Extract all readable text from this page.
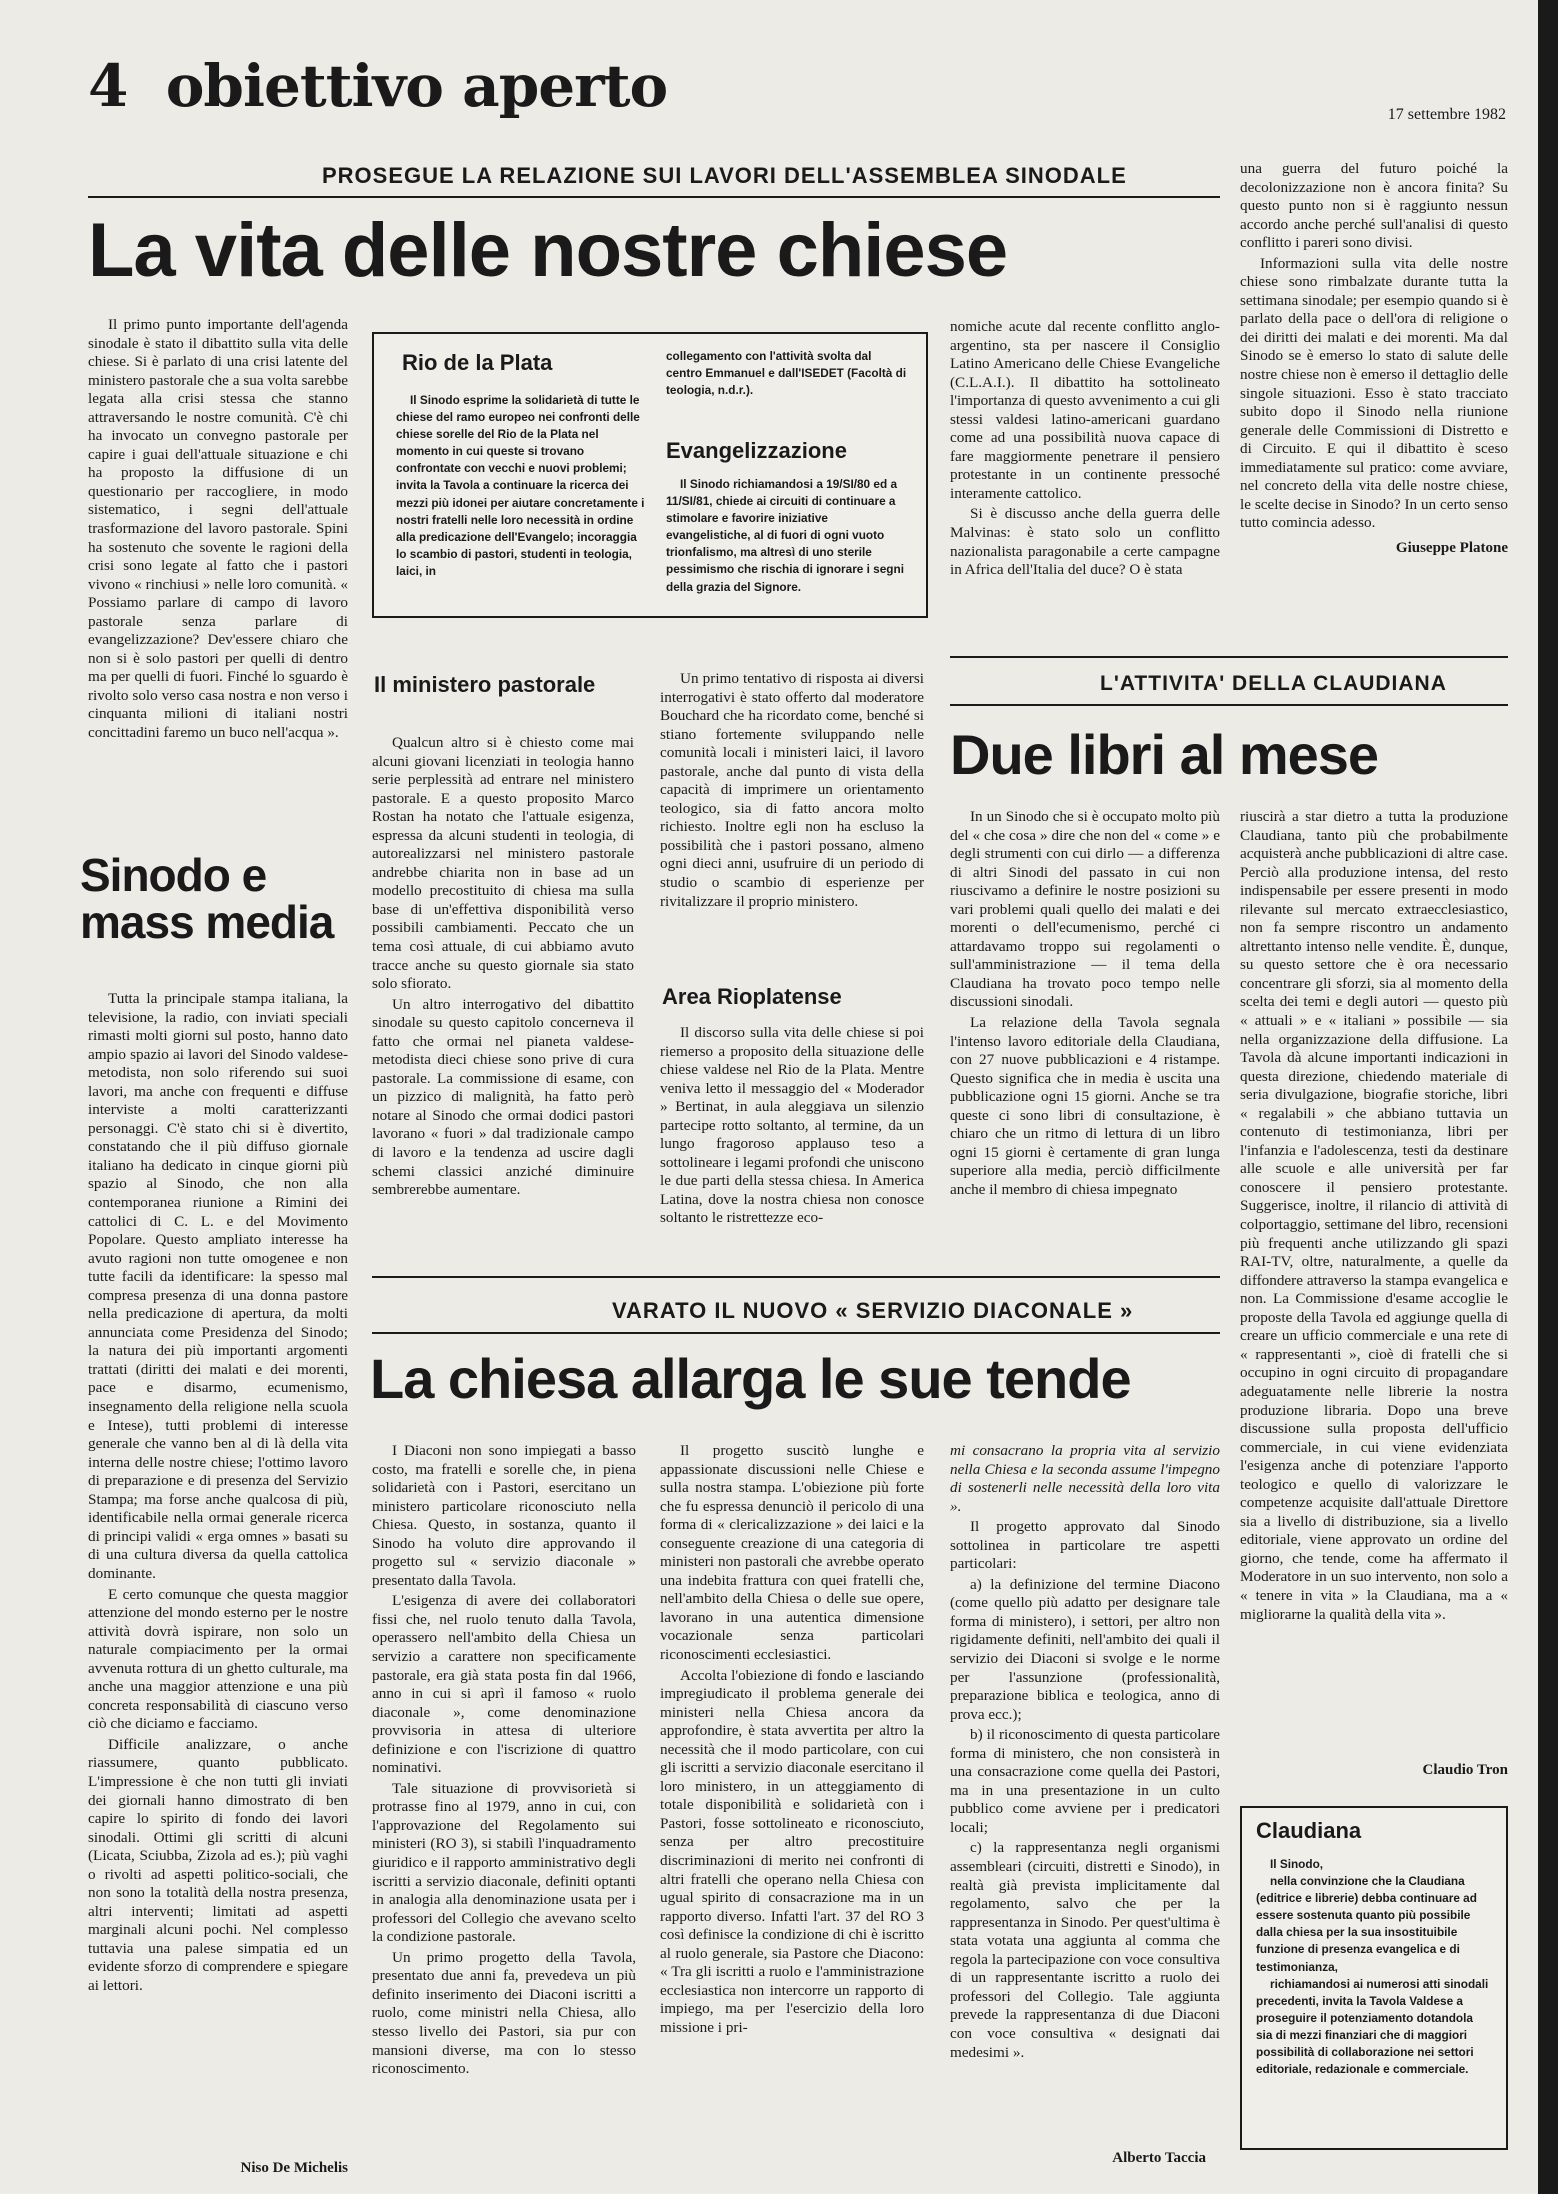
4 obiettivo aperto	17 settembre 1982

una guerra del futuro poiché la decolonizzazione non è ancora finita? Su questo punto non si è raggiunto nessun accordo anche perché sull'analisi di questo conflitto i pareri sono divisi.

Informazioni sulla vita delle nostre chiese sono rimbalzate durante tutta la settimana sinodale; per esempio quando si è parlato della pace o dell'ora di religione o dei diritti dei malati e dei morenti. Ma dal Sinodo se è emerso lo stato di salute delle nostre chiese non è emerso il dettaglio delle singole situazioni. Esso è stato tracciato subito dopo il Sinodo nella riunione generale delle Commissioni di Distretto e di Circuito. E qui il dibattito è sceso immediatamente sul pratico: come avviare, nel concreto della vita delle nostre chiese, le scelte decise in Sinodo? In un certo senso tutto comincia adesso.

Giuseppe Platone
PROSEGUE LA RELAZIONE SUI LAVORI DELL'ASSEMBLEA SINODALE
La vita delle nostre chiese

Il primo punto importante dell'agenda sinodale è stato il dibattito sulla vita delle chiese. Si è parlato di una crisi latente del ministero pastorale che a sua volta sarebbe legata alla crisi stessa che stanno attraversando le nostre comunità. C'è chi ha invocato un convegno pastorale per capire i guai dell'attuale situazione e chi ha proposto la diffusione di un questionario per raccogliere, in modo sistematico, i segni dell'attuale trasformazione del lavoro pastorale. Spini ha sostenuto che sovente le ragioni della crisi sono legate al fatto che i pastori vivono « rinchiusi » nelle loro comunità. « Possiamo parlare di campo di lavoro pastorale senza parlare di evangelizzazione? Dev'essere chiaro che non si è solo pastori per quelli di dentro ma per quelli di fuori. Finché lo sguardo è rivolto solo verso casa nostra e non verso i cinquanta milioni di italiani nostri concittadini faremo un buco nell'acqua ».

Rio de la Plata

Il Sinodo esprime la solidarietà di tutte le chiese del ramo europeo nei confronti delle chiese sorelle del Rio de la Plata nel momento in cui queste si trovano confrontate con vecchi e nuovi problemi; invita la Tavola a continuare la ricerca dei mezzi più idonei per aiutare concretamente i nostri fratelli nelle loro necessità in ordine alla predicazione dell'Evangelo; incoraggia lo scambio di pastori, studenti in teologia, laici, in

collegamento con l'attività svolta dal centro Emmanuel e dall'ISEDET (Facoltà di teologia, n.d.r.).

Evangelizzazione

Il Sinodo richiamandosi a 19/SI/80 ed a 11/SI/81, chiede ai circuiti di continuare a stimolare e favorire iniziative evangelistiche, al di fuori di ogni vuoto trionfalismo, ma altresì di uno sterile pessimismo che rischia di ignorare i segni della grazia del Signore.

nomiche acute dal recente conflitto anglo-argentino, sta per nascere il Consiglio Latino Americano delle Chiese Evangeliche (C.L.A.I.). Il dibattito ha sottolineato l'importanza di questo avvenimento a cui gli stessi valdesi latino-americani guardano come ad una possibilità nuova capace di fare maggiormente penetrare il pensiero protestante in un continente pressoché interamente cattolico.

Si è discusso anche della guerra delle Malvinas: è stato solo un conflitto nazionalista paragonabile a certe campagne in Africa dell'Italia del duce? O è stata

Il ministero pastorale

Qualcun altro si è chiesto come mai alcuni giovani licenziati in teologia hanno serie perplessità ad entrare nel ministero pastorale. E a questo proposito Marco Rostan ha notato che l'attuale esigenza, espressa da alcuni studenti in teologia, di autorealizzarsi nel ministero pastorale andrebbe chiarita non in base ad un modello precostituito di chiesa ma sulla base di un'effettiva disponibilità verso possibili cambiamenti. Peccato che un tema così attuale, di cui abbiamo avuto tracce anche su questo giornale sia stato solo sfiorato.

Un altro interrogativo del dibattito sinodale su questo capitolo concerneva il fatto che ormai nel pianeta valdese-metodista dieci chiese sono prive di cura pastorale. La commissione di esame, con un pizzico di malignità, ha fatto però notare al Sinodo che ormai dodici pastori lavorano « fuori » dal tradizionale campo di lavoro e la tendenza ad uscire dagli schemi classici anziché diminuire sembrerebbe aumentare.

Un primo tentativo di risposta ai diversi interrogativi è stato offerto dal moderatore Bouchard che ha ricordato come, benché si stiano fortemente sviluppando nelle comunità locali i ministeri laici, il lavoro pastorale, anche dal punto di vista della capacità di imprimere un orientamento teologico, sia di fatto ancora molto richiesto. Inoltre egli non ha escluso la possibilità che i pastori possano, almeno ogni dieci anni, usufruire di un periodo di studio o scambio di esperienze per rivitalizzare il proprio ministero.

Area Rioplatense

Il discorso sulla vita delle chiese si poi riemerso a proposito della situazione delle chiese valdese nel Rio de la Plata. Mentre veniva letto il messaggio del « Moderador » Bertinat, in aula aleggiava un silenzio partecipe rotto soltanto, al termine, da un lungo fragoroso applauso teso a sottolineare i legami profondi che uniscono le due parti della stessa chiesa. In America Latina, dove la nostra chiesa non conosce soltanto le ristrettezze eco-

Sinodo e mass media

Tutta la principale stampa italiana, la televisione, la radio, con inviati speciali rimasti molti giorni sul posto, hanno dato ampio spazio ai lavori del Sinodo valdese-metodista, non solo riferendo sui suoi lavori, ma anche con frequenti e diffuse interviste a molti caratterizzanti personaggi. C'è stato chi si è divertito, constatando che il più diffuso giornale italiano ha dedicato in cinque giorni più spazio al Sinodo, che non alla contemporanea riunione a Rimini dei cattolici di C. L. e del Movimento Popolare. Questo ampliato interesse ha avuto ragioni non tutte omogenee e non tutte facili da identificare: la spesso mal compresa presenza di una donna pastore nella predicazione di apertura, da molti annunciata come Presidenza del Sinodo; la natura dei più importanti argomenti trattati (diritti dei malati e dei morenti, pace e disarmo, ecumenismo, insegnamento della religione nella scuola e Intese), tutti problemi di interesse generale che vanno ben al di là della vita interna delle nostre chiese; l'ottimo lavoro di preparazione e di presenza del Servizio Stampa; ma forse anche qualcosa di più, identificabile nella ormai generale ricerca di principi validi « erga omnes » basati su di una cultura diversa da quella cattolica dominante.

E certo comunque che questa maggior attenzione del mondo esterno per le nostre attività dovrà ispirare, non solo un naturale compiacimento per la ormai avvenuta rottura di un ghetto culturale, ma anche una maggior attenzione e una più concreta responsabilità di ciascuno verso ciò che diciamo e facciamo.

Difficile analizzare, o anche riassumere, quanto pubblicato. L'impressione è che non tutti gli inviati dei giornali hanno dimostrato di ben capire lo spirito di fondo dei lavori sinodali. Ottimi gli scritti di alcuni (Licata, Sciubba, Zizola ad es.); più vaghi o rivolti ad aspetti politico-sociali, che non sono la totalità della nostra presenza, altri interventi; limitati ad aspetti marginali alcuni pochi. Nel complesso tuttavia una palese simpatia ed un evidente sforzo di comprendere e spiegare ai lettori.

Niso De Michelis
L'ATTIVITA' DELLA CLAUDIANA
Due libri al mese

In un Sinodo che si è occupato molto più del « che cosa » dire che non del « come » e degli strumenti con cui dirlo — a differenza di altri Sinodi del passato in cui non riuscivamo a definire le nostre posizioni su vari problemi quali quello dei malati e dei morenti o dell'ecumenismo, perché ci attardavamo troppo sui regolamenti o sull'amministrazione — il tema della Claudiana ha trovato poco tempo nelle discussioni sinodali.

La relazione della Tavola segnala l'intenso lavoro editoriale della Claudiana, con 27 nuove pubblicazioni e 4 ristampe. Questo significa che in media è uscita una pubblicazione ogni 15 giorni. Anche se tra queste ci sono libri di consultazione, è chiaro che un ritmo di lettura di un libro ogni 15 giorni è certamente di gran lunga superiore alla media, perciò difficilmente anche il membro di chiesa impegnato

riuscirà a star dietro a tutta la produzione Claudiana, tanto più che probabilmente acquisterà anche pubblicazioni di altre case. Perciò alla produzione intensa, del resto indispensabile per essere presenti in modo rilevante sul mercato extraecclesiastico, non fa sempre riscontro un andamento altrettanto intenso nelle vendite. È, dunque, su questo settore che è ora necessario concentrare gli sforzi, sia al momento della scelta dei temi e degli autori — questo più « attuali » e « italiani » possibile — sia nella organizzazione della diffusione. La Tavola dà alcune importanti indicazioni in questa direzione, chiedendo materiale di seria divulgazione, biografie storiche, libri « regalabili » che abbiano tuttavia un contenuto di testimonianza, libri per l'infanzia e l'adolescenza, testi da destinare alle scuole e alle università per far conoscere il pensiero protestante. Suggerisce, inoltre, il rilancio di attività di colportaggio, settimane del libro, recensioni più frequenti anche utilizzando gli spazi RAI-TV, oltre, naturalmente, a quelle da diffondere attraverso la stampa evangelica e non. La Commissione d'esame accoglie le proposte della Tavola ed aggiunge quella di creare un ufficio commerciale e una rete di « rappresentanti », cioè di fratelli che si occupino in ogni circuito di propagandare adeguatamente nelle librerie la nostra produzione libraria. Dopo una breve discussione sulla proposta dell'ufficio commerciale, in cui viene evidenziata l'esigenza anche di potenziare l'apporto teologico e quello di valorizzare le competenze acquisite dall'attuale Direttore sia a livello di distribuzione, sia a livello editoriale, viene approvato un ordine del giorno, che tende, come ha affermato il Moderatore in un suo intervento, non solo a « tenere in vita » la Claudiana, ma a « migliorarne la qualità della vita ».

Claudio Tron
Claudiana

Il Sinodo,

nella convinzione che la Claudiana (editrice e librerie) debba continuare ad essere sostenuta quanto più possibile dalla chiesa per la sua insostituibile funzione di presenza evangelica e di testimonianza,

richiamandosi ai numerosi atti sinodali precedenti, invita la Tavola Valdese a proseguire il potenziamento dotandola sia di mezzi finanziari che di maggiori possibilità di collaborazione nei settori editoriale, redazionale e commerciale.

VARATO IL NUOVO « SERVIZIO DIACONALE »
La chiesa allarga le sue tende

I Diaconi non sono impiegati a basso costo, ma fratelli e sorelle che, in piena solidarietà con i Pastori, esercitano un ministero particolare riconosciuto nella Chiesa. Questo, in sostanza, quanto il Sinodo ha voluto dire approvando il progetto sul « servizio diaconale » presentato dalla Tavola.

L'esigenza di avere dei collaboratori fissi che, nel ruolo tenuto dalla Tavola, operassero nell'ambito della Chiesa un servizio a carattere non specificamente pastorale, era già stata posta fin dal 1966, anno in cui si aprì il famoso « ruolo diaconale », come denominazione provvisoria in attesa di ulteriore definizione e con l'iscrizione di quattro nominativi.

Tale situazione di provvisorietà si protrasse fino al 1979, anno in cui, con l'approvazione del Regolamento sui ministeri (RO 3), si stabilì l'inquadramento giuridico e il rapporto amministrativo degli iscritti a servizio diaconale, definiti optanti in analogia alla denominazione usata per i professori del Collegio che avevano scelto la condizione pastorale.

Un primo progetto della Tavola, presentato due anni fa, prevedeva un più definito inserimento dei Diaconi iscritti a ruolo, come ministri nella Chiesa, allo stesso livello dei Pastori, sia pur con mansioni diverse, ma con lo stesso riconoscimento.

Il progetto suscitò lunghe e appassionate discussioni nelle Chiese e sulla nostra stampa. L'obiezione più forte che fu espressa denunciò il pericolo di una forma di « clericalizzazione » dei laici e la conseguente creazione di una categoria di ministeri non pastorali che avrebbe operato una indebita frattura con quei fratelli che, nell'ambito della Chiesa o delle sue opere, lavorano in una autentica dimensione vocazionale senza particolari riconoscimenti ecclesiastici.

Accolta l'obiezione di fondo e lasciando impregiudicato il problema generale dei ministeri nella Chiesa ancora da approfondire, è stata avvertita per altro la necessità che il modo particolare, con cui gli iscritti a servizio diaconale esercitano il loro ministero, in un atteggiamento di totale disponibilità e solidarietà con i Pastori, fosse sottolineato e riconosciuto, senza per altro precostituire discriminazioni di merito nei confronti di altri fratelli che operano nella Chiesa con ugual spirito di consacrazione ma in un rapporto diverso. Infatti l'art. 37 del RO 3 così definisce la condizione di chi è iscritto al ruolo generale, sia Pastore che Diacono: « Tra gli iscritti a ruolo e l'amministrazione ecclesiastica non intercorre un rapporto di impiego, ma per l'esercizio della loro missione i pri-

mi consacrano la propria vita al servizio nella Chiesa e la seconda assume l'impegno di sostenerli nelle necessità della loro vita ».

Il progetto approvato dal Sinodo sottolinea in particolare tre aspetti particolari:

a) la definizione del termine Diacono (come quello più adatto per designare tale forma di ministero), i settori, per altro non rigidamente definiti, nell'ambito dei quali il servizio dei Diaconi si svolge e le norme per l'assunzione (professionalità, preparazione biblica e teologica, anno di prova ecc.);

b) il riconoscimento di questa particolare forma di ministero, che non consisterà in una consacrazione come quella dei Pastori, ma in una presentazione in un culto pubblico come avviene per i predicatori locali;

c) la rappresentanza negli organismi assembleari (circuiti, distretti e Sinodo), in realtà già prevista implicitamente dal regolamento, salvo che per la rappresentanza in Sinodo. Per quest'ultima è stata votata una aggiunta al comma che regola la partecipazione con voce consultiva di un rappresentante iscritto a ruolo dei professori del Collegio. Tale aggiunta prevede la rappresentanza di due Diaconi con voce consultiva « designati dai medesimi ».

Alberto Taccia
